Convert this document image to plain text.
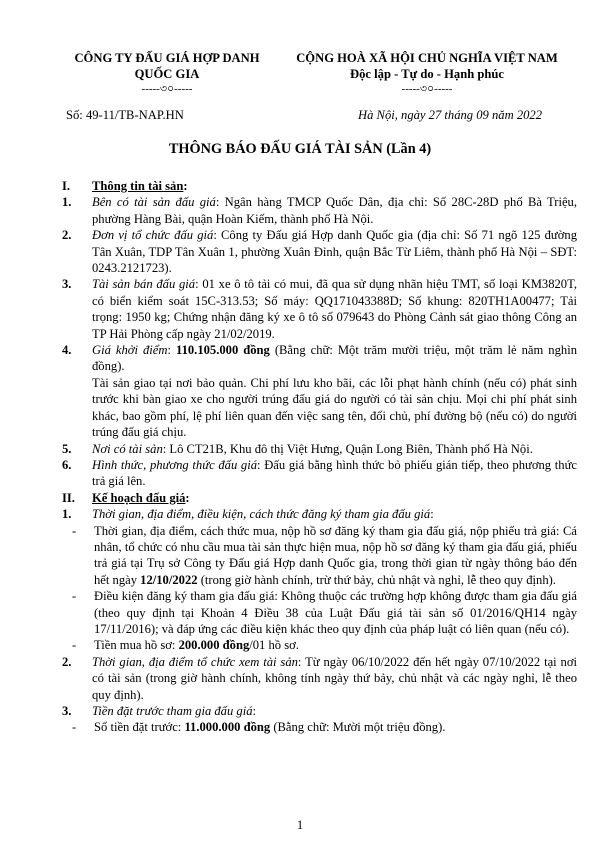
CÔNG TY ĐẤU GIÁ HỢP DANH
QUỐC GIA
-----৩০-----
CỘNG HOÀ XÃ HỘI CHỦ NGHĨA VIỆT NAM
Độc lập - Tự do - Hạnh phúc
-----৩০-----
Số: 49-11/TB-NAP.HN	Hà Nội, ngày 27 tháng 09 năm 2022
THÔNG BÁO ĐẤU GIÁ TÀI SẢN (Lần 4)
I. Thông tin tài sản:
1. Bên có tài sản đấu giá: Ngân hàng TMCP Quốc Dân, địa chỉ: Số 28C-28D phố Bà Triệu, phường Hàng Bài, quận Hoàn Kiếm, thành phố Hà Nội.
2. Đơn vị tổ chức đấu giá: Công ty Đấu giá Hợp danh Quốc gia (địa chỉ: Số 71 ngõ 125 đường Tân Xuân, TDP Tân Xuân 1, phường Xuân Đỉnh, quận Bắc Từ Liêm, thành phố Hà Nội – SĐT: 0243.2121723).
3. Tài sản bán đấu giá: 01 xe ô tô tải có mui, đã qua sử dụng nhãn hiệu TMT, số loại KM3820T, có biển kiểm soát 15C-313.53; Số máy: QQ171043388D; Số khung: 820TH1A00477; Tải trọng: 1950 kg; Chứng nhận đăng ký xe ô tô số 079643 do Phòng Cảnh sát giao thông Công an TP Hải Phòng cấp ngày 21/02/2019.
4. Giá khởi điểm: 110.105.000 đồng (Bằng chữ: Một trăm mười triệu, một trăm lẻ năm nghìn đồng).
Tài sản giao tại nơi bảo quản. Chi phí lưu kho bãi, các lỗi phạt hành chính (nếu có) phát sinh trước khi bàn giao xe cho người trúng đấu giá do người có tài sản chịu. Mọi chi phí phát sinh khác, bao gồm phí, lệ phí liên quan đến việc sang tên, đổi chủ, phí đường bộ (nếu có) do người trúng đấu giá chịu.
5. Nơi có tài sản: Lô CT21B, Khu đô thị Việt Hưng, Quận Long Biên, Thành phố Hà Nội.
6. Hình thức, phương thức đấu giá: Đấu giá bằng hình thức bỏ phiếu gián tiếp, theo phương thức trả giá lên.
II. Kế hoạch đấu giá:
1. Thời gian, địa điểm, điều kiện, cách thức đăng ký tham gia đấu giá:
- Thời gian, địa điểm, cách thức mua, nộp hồ sơ đăng ký tham gia đấu giá, nộp phiếu trả giá: Cá nhân, tổ chức có nhu cầu mua tài sản thực hiện mua, nộp hồ sơ đăng ký tham gia đấu giá, phiếu trả giá tại Trụ sở Công ty Đấu giá Hợp danh Quốc gia, trong thời gian từ ngày thông báo đến hết ngày 12/10/2022 (trong giờ hành chính, trừ thứ bảy, chủ nhật và nghỉ, lễ theo quy định).
- Điều kiện đăng ký tham gia đấu giá: Không thuộc các trường hợp không được tham gia đấu giá (theo quy định tại Khoản 4 Điều 38 của Luật Đấu giá tài sản số 01/2016/QH14 ngày 17/11/2016); và đáp ứng các điều kiện khác theo quy định của pháp luật có liên quan (nếu có).
- Tiền mua hồ sơ: 200.000 đồng/01 hồ sơ.
2. Thời gian, địa điểm tổ chức xem tài sản: Từ ngày 06/10/2022 đến hết ngày 07/10/2022 tại nơi có tài sản (trong giờ hành chính, không tính ngày thứ bảy, chủ nhật và các ngày nghỉ, lễ theo quy định).
3. Tiền đặt trước tham gia đấu giá:
- Số tiền đặt trước: 11.000.000 đồng (Bằng chữ: Mười một triệu đồng).
1
